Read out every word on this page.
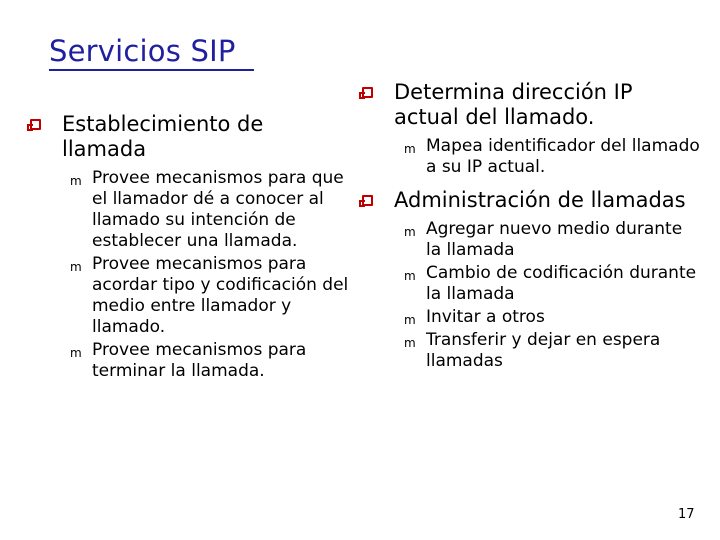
Servicios SIP
Establecimiento de llamada
m Provee mecanismos para que el llamador dé a conocer al llamado su intención de establecer una llamada.
m Provee mecanismos para acordar tipo y codificación del medio entre llamador y llamado.
m Provee mecanismos para terminar la llamada.
Determina dirección IP actual del llamado.
m Mapea identificador del llamado a su IP actual.
Administración de llamadas
m Agregar nuevo medio durante la llamada
m Cambio de codificación durante la llamada
m Invitar a otros
m Transferir y dejar en espera llamadas
17
